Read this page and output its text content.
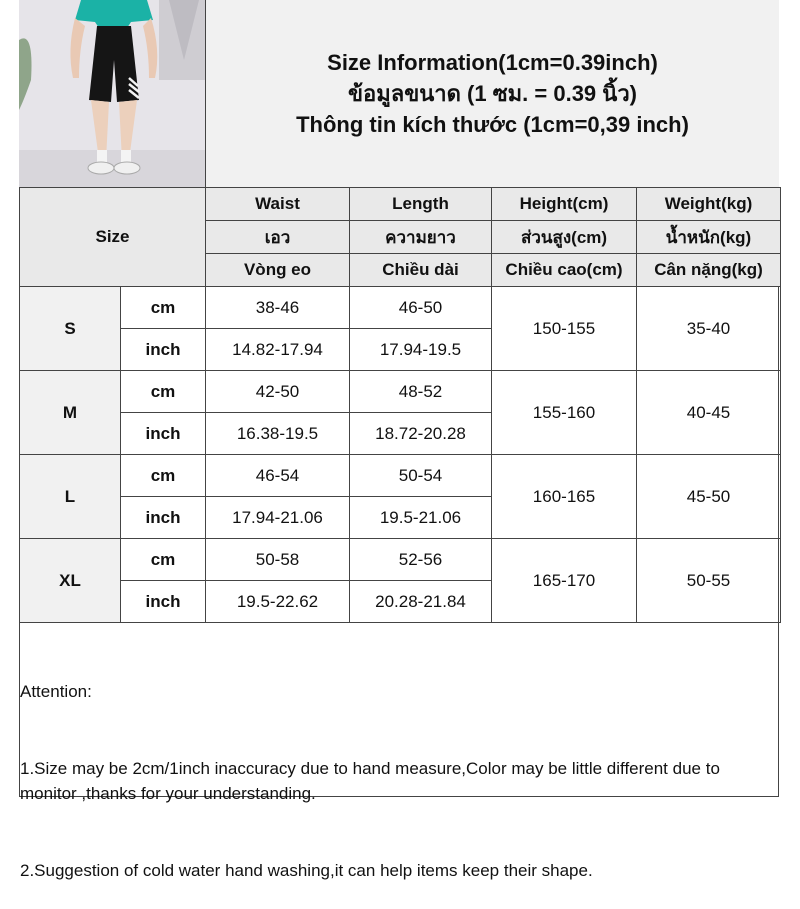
Size Information(1cm=0.39inch)
ข้อมูลขนาด (1 ซม. = 0.39 นิ้ว)
Thông tin kích thước (1cm=0,39 inch)
Size		Waist	Length	Height(cm)	Weight(kg)
		เอว	ความยาว	ส่วนสูง(cm)	น้ำหนัก(kg)
		Vòng eo	Chiều dài	Chiều cao(cm)	Cân nặng(kg)
S	cm	38-46	46-50	150-155	35-40
	inch	14.82-17.94	17.94-19.5		
M	cm	42-50	48-52	155-160	40-45
	inch	16.38-19.5	18.72-20.28		
L	cm	46-54	50-54	160-165	45-50
	inch	17.94-21.06	19.5-21.06		
XL	cm	50-58	52-56	165-170	50-55
	inch	19.5-22.62	20.28-21.84		

Attention:

1.Size may be 2cm/1inch inaccuracy due to hand measure,Color may be little different due to monitor ,thanks for your understanding.

2.Suggestion of cold water hand washing,it can help items keep their shape.
